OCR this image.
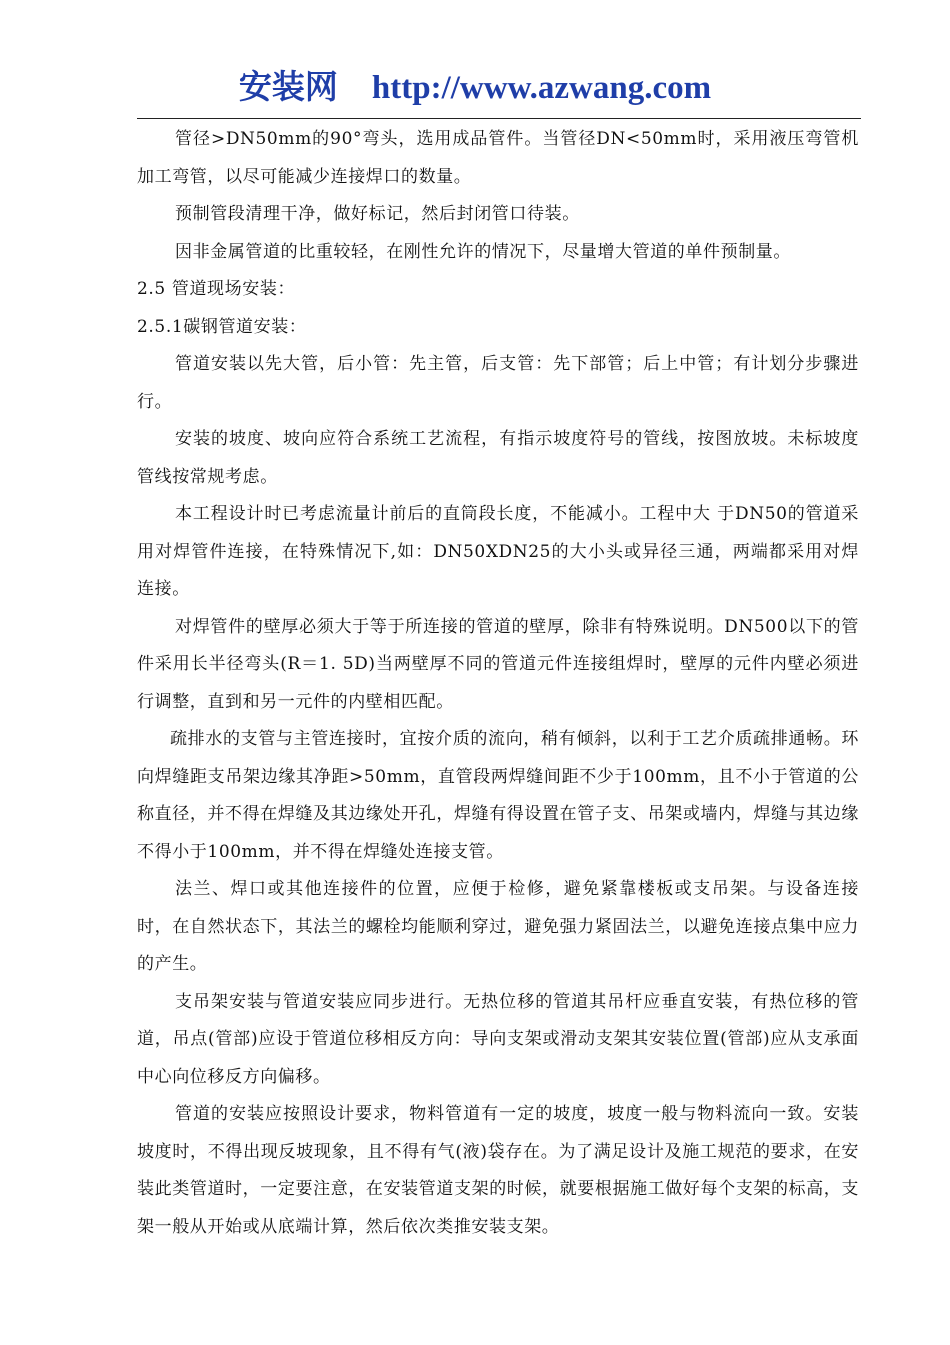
安装网 http://www.azwang.com

管径>DN50mm的90°弯头，选用成品管件。当管径DN<50mm时，采用液压弯管机加工弯管，以尽可能减少连接焊口的数量。

预制管段清理干净，做好标记，然后封闭管口待装。

因非金属管道的比重较轻，在刚性允许的情况下，尽量增大管道的单件预制量。

2.5 管道现场安装：

2.5.1碳钢管道安装：

管道安装以先大管，后小管：先主管，后支管：先下部管；后上中管；有计划分步骤进行。

安装的坡度、坡向应符合系统工艺流程，有指示坡度符号的管线，按图放坡。未标坡度管线按常规考虑。

本工程设计时已考虑流量计前后的直筒段长度，不能减小。工程中大 于DN50的管道采用对焊管件连接，在特殊情况下,如：DN50XDN25的大小头或异径三通，两端都采用对焊连接。

对焊管件的壁厚必须大于等于所连接的管道的壁厚，除非有特殊说明。DN500以下的管件采用长半径弯头(R＝1. 5D)当两壁厚不同的管道元件连接组焊时，壁厚的元件内壁必须进行调整，直到和另一元件的内壁相匹配。

疏排水的支管与主管连接时，宜按介质的流向，稍有倾斜，以利于工艺介质疏排通畅。环向焊缝距支吊架边缘其净距>50mm，直管段两焊缝间距不少于100mm，且不小于管道的公称直径，并不得在焊缝及其边缘处开孔，焊缝有得设置在管子支、吊架或墙内，焊缝与其边缘不得小于100mm，并不得在焊缝处连接支管。

法兰、焊口或其他连接件的位置，应便于检修，避免紧靠楼板或支吊架。与设备连接时，在自然状态下，其法兰的螺栓均能顺利穿过，避免强力紧固法兰，以避免连接点集中应力的产生。

支吊架安装与管道安装应同步进行。无热位移的管道其吊杆应垂直安装，有热位移的管道，吊点(管部)应设于管道位移相反方向：导向支架或滑动支架其安装位置(管部)应从支承面中心向位移反方向偏移。

管道的安装应按照设计要求，物料管道有一定的坡度，坡度一般与物料流向一致。安装坡度时，不得出现反坡现象，且不得有气(液)袋存在。为了满足设计及施工规范的要求，在安装此类管道时，一定要注意，在安装管道支架的时候，就要根据施工做好每个支架的标高，支架一般从开始或从底端计算，然后依次类推安装支架。
